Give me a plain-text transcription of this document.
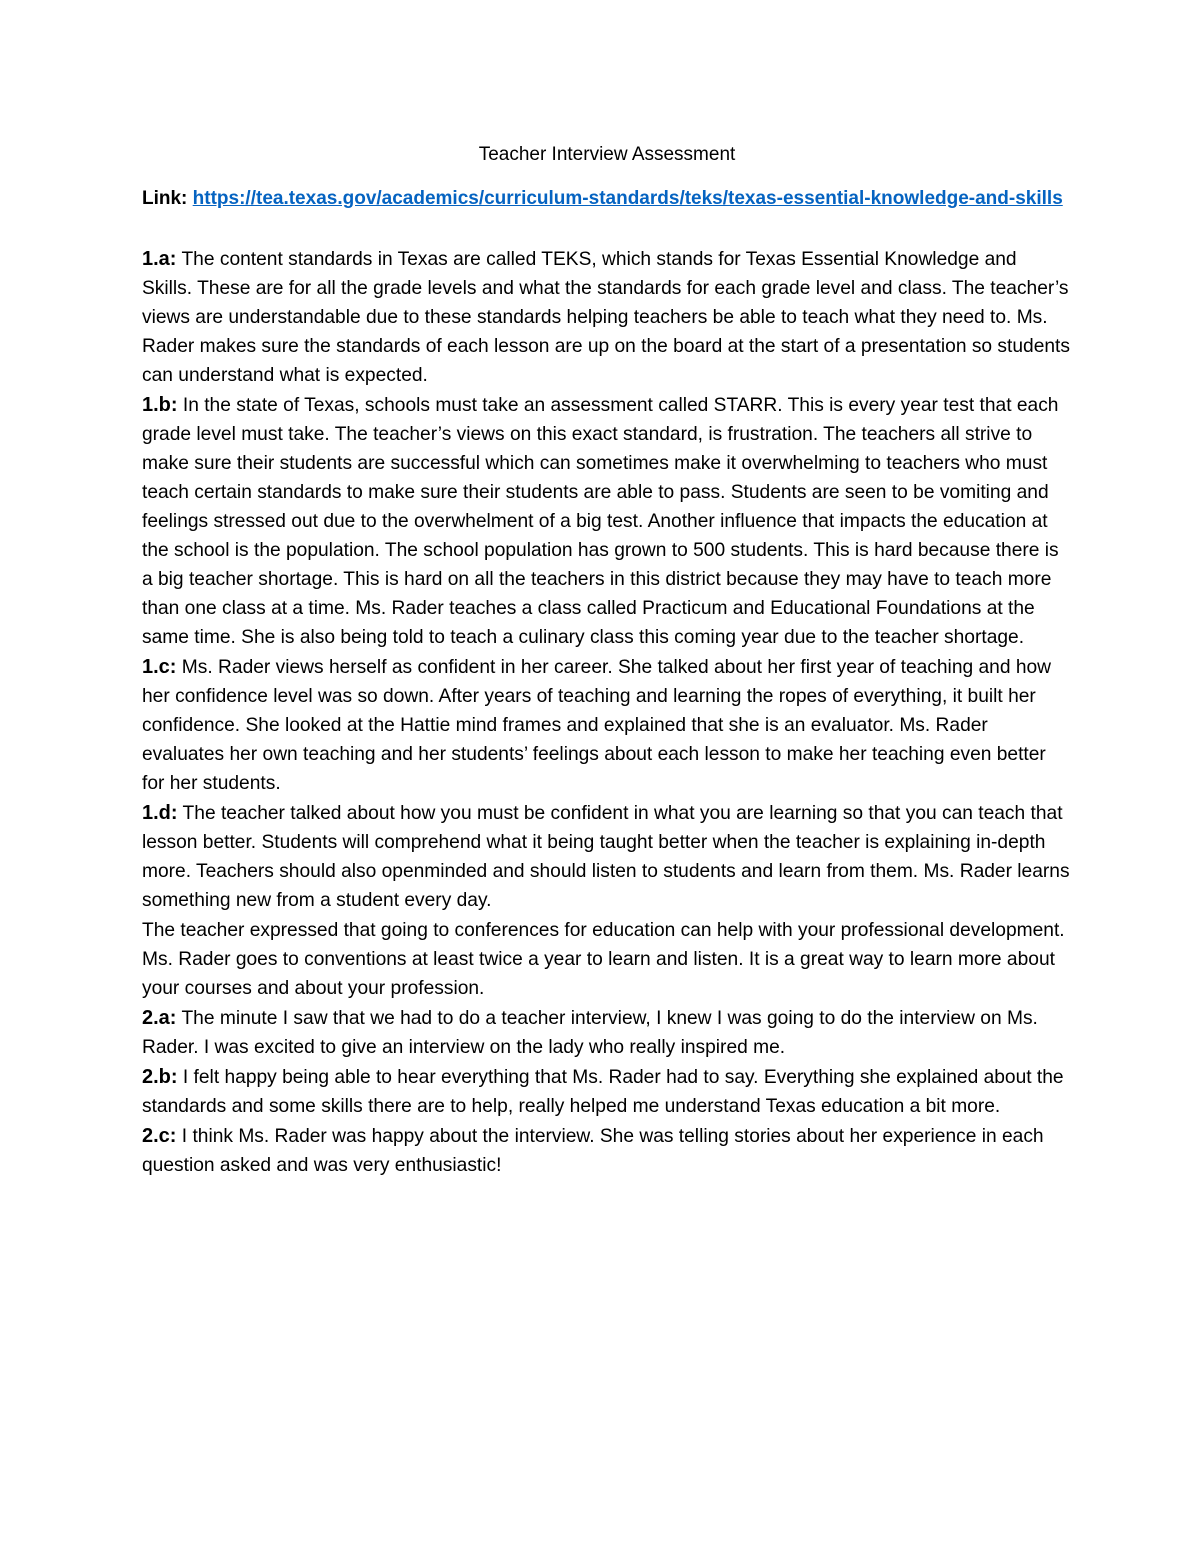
Teacher Interview Assessment
Link: https://tea.texas.gov/academics/curriculum-standards/teks/texas-essential-knowledge-and-skills
1.a: The content standards in Texas are called TEKS, which stands for Texas Essential Knowledge and Skills. These are for all the grade levels and what the standards for each grade level and class. The teacher’s views are understandable due to these standards helping teachers be able to teach what they need to. Ms. Rader makes sure the standards of each lesson are up on the board at the start of a presentation so students can understand what is expected.
1.b: In the state of Texas, schools must take an assessment called STARR. This is every year test that each grade level must take. The teacher’s views on this exact standard, is frustration. The teachers all strive to make sure their students are successful which can sometimes make it overwhelming to teachers who must teach certain standards to make sure their students are able to pass. Students are seen to be vomiting and feelings stressed out due to the overwhelment of a big test. Another influence that impacts the education at the school is the population. The school population has grown to 500 students. This is hard because there is a big teacher shortage. This is hard on all the teachers in this district because they may have to teach more than one class at a time. Ms. Rader teaches a class called Practicum and Educational Foundations at the same time. She is also being told to teach a culinary class this coming year due to the teacher shortage.
1.c: Ms. Rader views herself as confident in her career. She talked about her first year of teaching and how her confidence level was so down. After years of teaching and learning the ropes of everything, it built her confidence. She looked at the Hattie mind frames and explained that she is an evaluator. Ms. Rader evaluates her own teaching and her students’ feelings about each lesson to make her teaching even better for her students.
1.d: The teacher talked about how you must be confident in what you are learning so that you can teach that lesson better. Students will comprehend what it being taught better when the teacher is explaining in-depth more. Teachers should also openminded and should listen to students and learn from them. Ms. Rader learns something new from a student every day.
The teacher expressed that going to conferences for education can help with your professional development. Ms. Rader goes to conventions at least twice a year to learn and listen. It is a great way to learn more about your courses and about your profession.
2.a: The minute I saw that we had to do a teacher interview, I knew I was going to do the interview on Ms. Rader. I was excited to give an interview on the lady who really inspired me.
2.b: I felt happy being able to hear everything that Ms. Rader had to say. Everything she explained about the standards and some skills there are to help, really helped me understand Texas education a bit more.
2.c: I think Ms. Rader was happy about the interview. She was telling stories about her experience in each question asked and was very enthusiastic!
